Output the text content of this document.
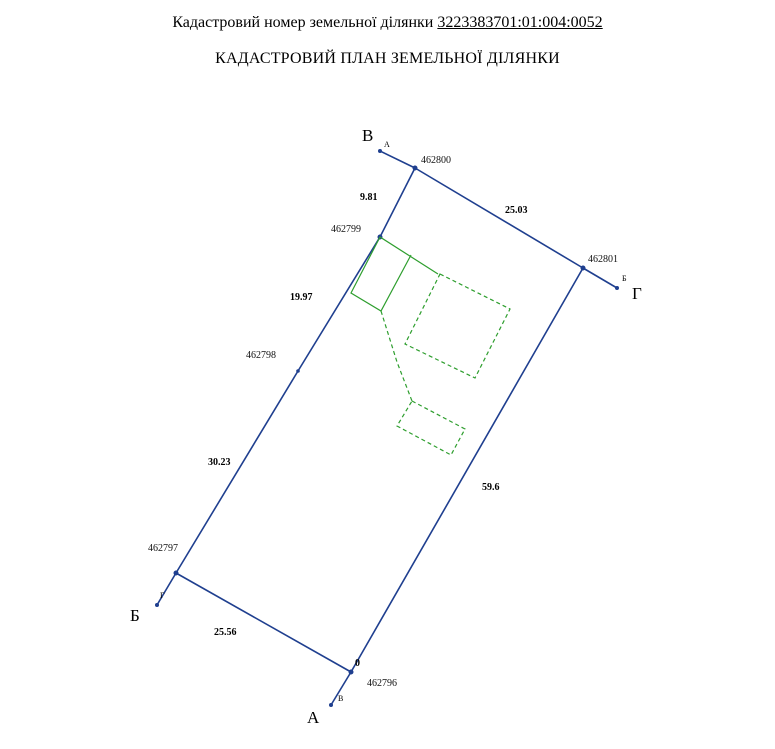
Кадастровий номер земельної ділянки 3223383701:01:004:0052
КАДАСТРОВИЙ ПЛАН ЗЕМЕЛЬНОЇ ДІЛЯНКИ
462796
462797
462798
462799
462800
462801
25.56
30.23
19.97
9.81
25.03
59.6
0
А
В
Б
Г
В А
Г
Б
